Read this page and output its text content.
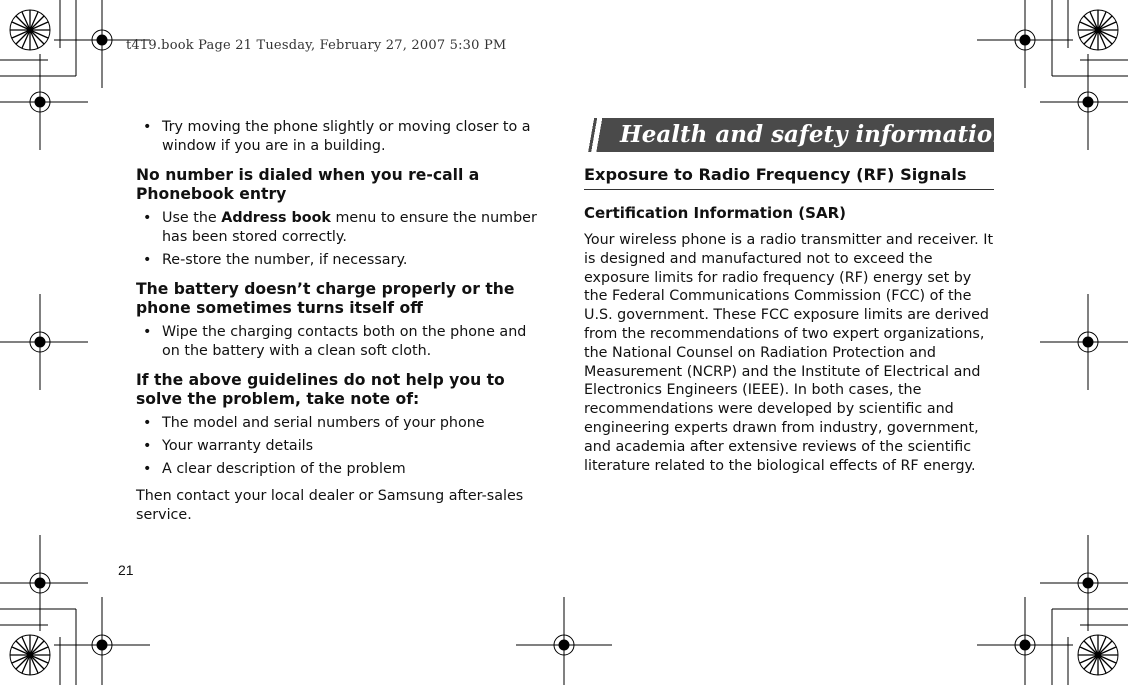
t419.book Page 21 Tuesday, February 27, 2007 5:30 PM
• Try moving the phone slightly or moving closer to a window if you are in a building.
No number is dialed when you re-call a Phonebook entry
• Use the Address book menu to ensure the number has been stored correctly.
• Re-store the number, if necessary.
The battery doesn’t charge properly or the phone sometimes turns itself off
• Wipe the charging contacts both on the phone and on the battery with a clean soft cloth.
If the above guidelines do not help you to solve the problem, take note of:
• The model and serial numbers of your phone
• Your warranty details
• A clear description of the problem
Then contact your local dealer or Samsung after-sales service.
Health and safety information
Exposure to Radio Frequency (RF) Signals
Certification Information (SAR)
Your wireless phone is a radio transmitter and receiver. It is designed and manufactured not to exceed the exposure limits for radio frequency (RF) energy set by the Federal Communications Commission (FCC) of the U.S. government. These FCC exposure limits are derived from the recommendations of two expert organizations, the National Counsel on Radiation Protection and Measurement (NCRP) and the Institute of Electrical and Electronics Engineers (IEEE). In both cases, the recommendations were developed by scientific and engineering experts drawn from industry, government, and academia after extensive reviews of the scientific literature related to the biological effects of RF energy.
21
